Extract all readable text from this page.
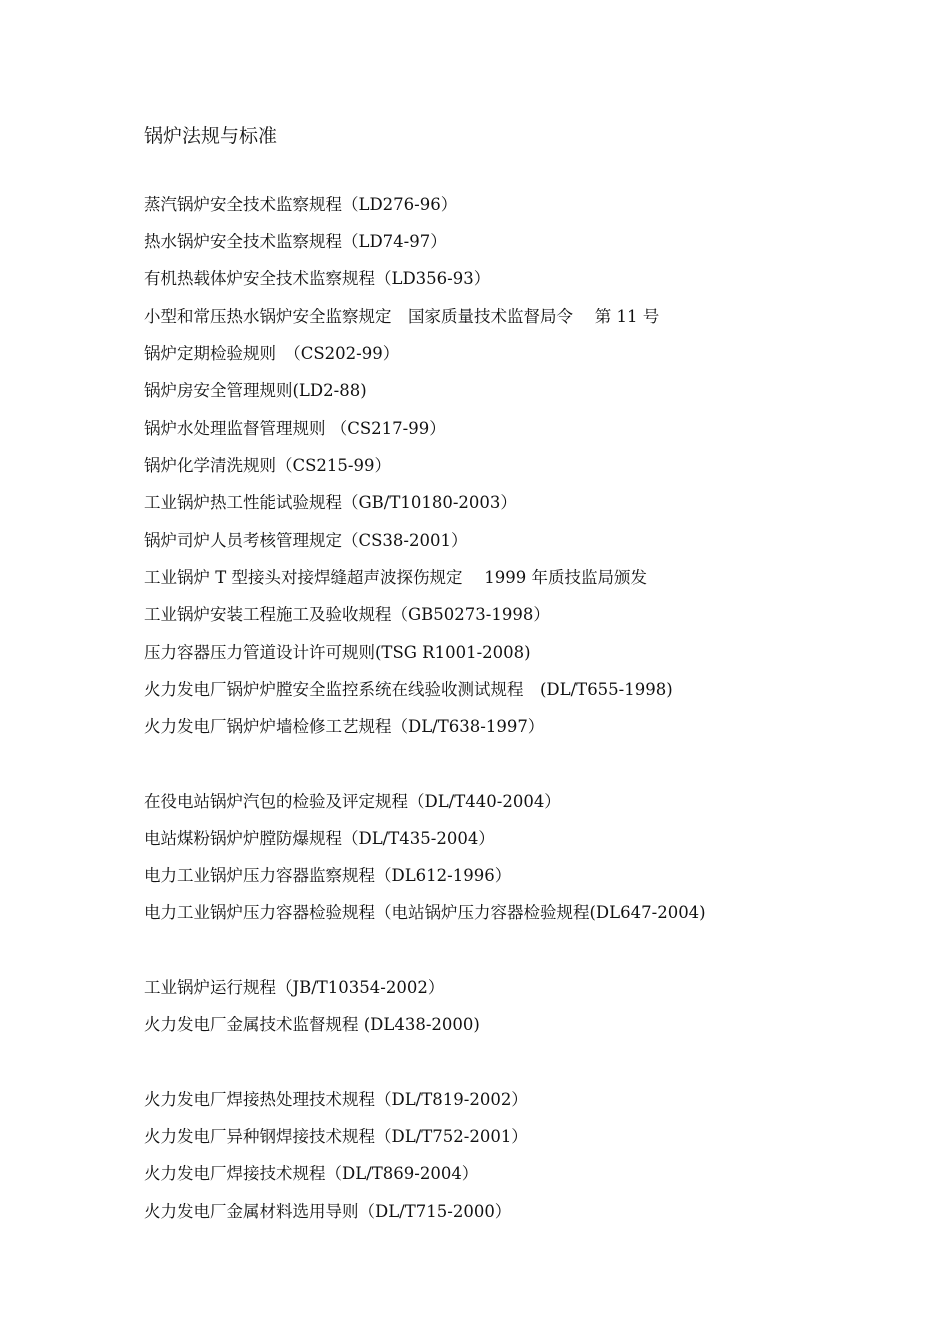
锅炉法规与标准
蒸汽锅炉安全技术监察规程（LD276-96）
热水锅炉安全技术监察规程（LD74-97）
有机热载体炉安全技术监察规程（LD356-93）
小型和常压热水锅炉安全监察规定　国家质量技术监督局令　 第 11 号
锅炉定期检验规则　（CS202-99）
锅炉房安全管理规则(LD2-88)
锅炉水处理监督管理规则 （CS217-99）
锅炉化学清洗规则（CS215-99）
工业锅炉热工性能试验规程（GB/T10180-2003）
锅炉司炉人员考核管理规定（CS38-2001）
工业锅炉 T 型接头对接焊缝超声波探伤规定　 1999 年质技监局颁发
工业锅炉安装工程施工及验收规程（GB50273-1998）
压力容器压力管道设计许可规则(TSG R1001-2008)
火力发电厂锅炉炉膛安全监控系统在线验收测试规程　(DL/T655-1998)
火力发电厂锅炉炉墙检修工艺规程（DL/T638-1997）
在役电站锅炉汽包的检验及评定规程（DL/T440-2004）
电站煤粉锅炉炉膛防爆规程（DL/T435-2004）
电力工业锅炉压力容器监察规程（DL612-1996）
电力工业锅炉压力容器检验规程（电站锅炉压力容器检验规程(DL647-2004)
工业锅炉运行规程（JB/T10354-2002）
火力发电厂金属技术监督规程 (DL438-2000)
火力发电厂焊接热处理技术规程（DL/T819-2002）
火力发电厂异种钢焊接技术规程（DL/T752-2001）
火力发电厂焊接技术规程（DL/T869-2004）
火力发电厂金属材料选用导则（DL/T715-2000）
